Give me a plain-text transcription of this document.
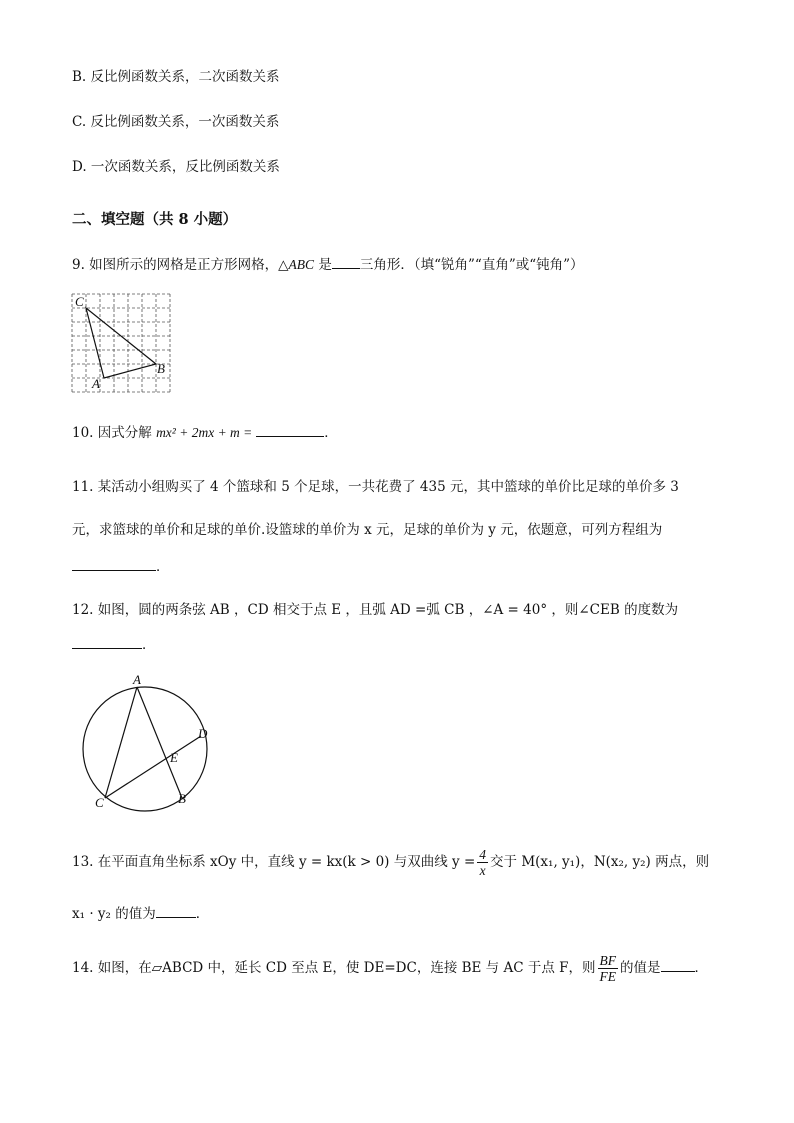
B. 反比例函数关系，二次函数关系
C. 反比例函数关系，一次函数关系
D. 一次函数关系，反比例函数关系
二、填空题（共 8 小题）
9. 如图所示的网格是正方形网格，△ABC 是 三角形．（填“锐角”“直角”或“钝角”）
C
B
A
10. 因式分解 mx² + 2mx + m =	．
11. 某活动小组购买了 4 个篮球和 5 个足球，一共花费了 435 元，其中篮球的单价比足球的单价多 3
元，求篮球的单价和足球的单价.设篮球的单价为 x 元，足球的单价为 y 元，依题意，可列方程组为
．
12. 如图，圆的两条弦 AB ，CD 相交于点 E ，且弧 AD =弧 CB ，∠A = 40° ，则∠CEB 的度数为
．
A
D
E
B
C
13. 在平面直角坐标系 xOy 中，直线 y = kx(k > 0) 与双曲线 $y = \frac{4}{x}$ 交于 M(x₁, y₁)，N(x₂, y₂) 两点，则
x₁ · y₂ 的值为	．
14. 如图，在▱ABCD 中，延长 CD 至点 E，使 DE=DC，连接 BE 与 AC 于点 F，则 $\frac{BF}{FE}$ 的值是	．
